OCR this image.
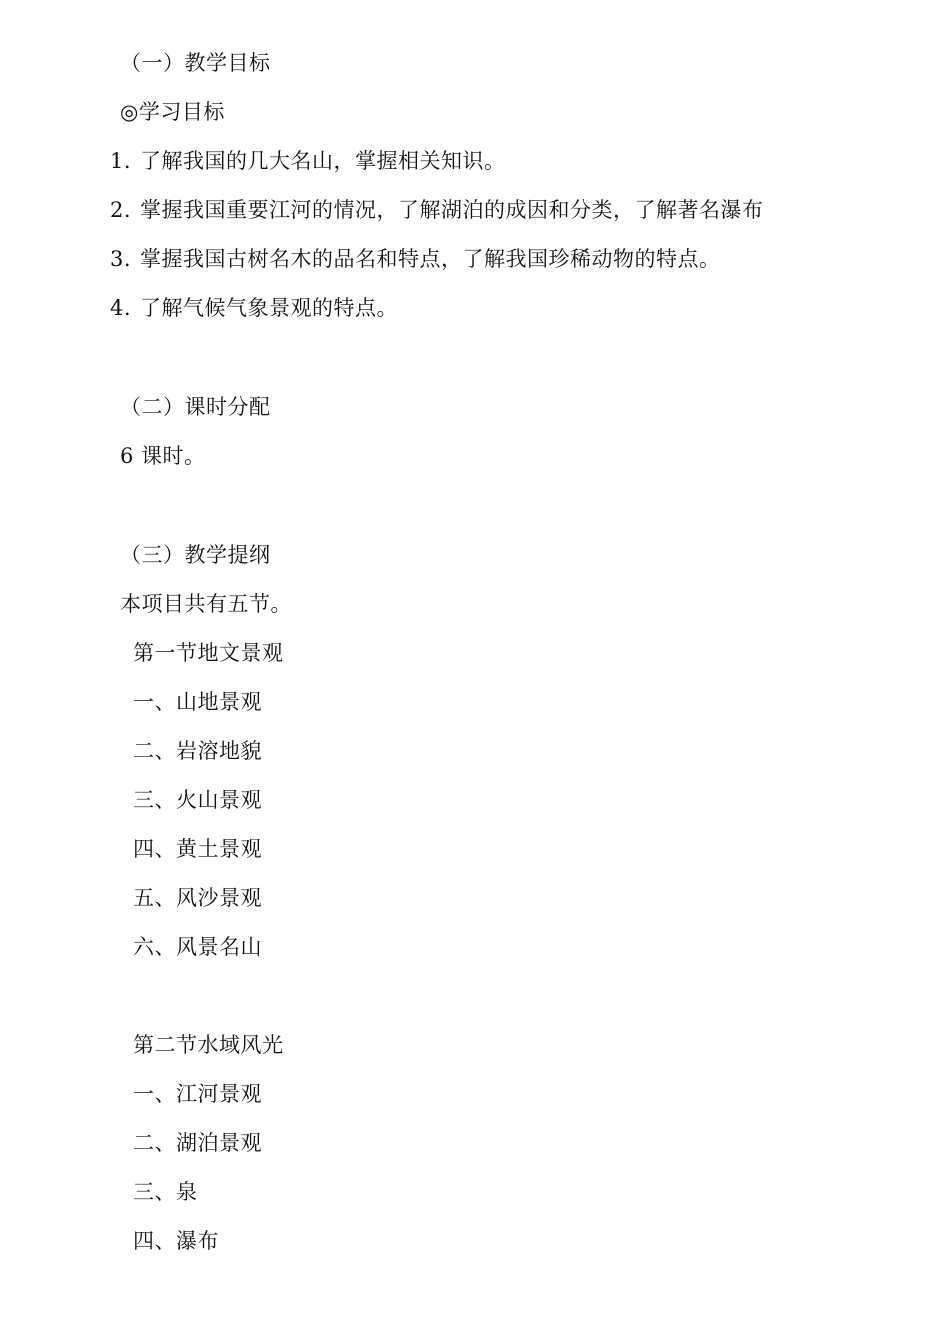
（一）教学目标
◎学习目标
1. 了解我国的几大名山，掌握相关知识。
2. 掌握我国重要江河的情况，了解湖泊的成因和分类，了解著名瀑布
3. 掌握我国古树名木的品名和特点，了解我国珍稀动物的特点。
4. 了解气候气象景观的特点。
（二）课时分配
6 课时。
（三）教学提纲
本项目共有五节。
第一节地文景观
一、山地景观
二、岩溶地貌
三、火山景观
四、黄土景观
五、风沙景观
六、风景名山
第二节水域风光
一、江河景观
二、湖泊景观
三、泉
四、瀑布
